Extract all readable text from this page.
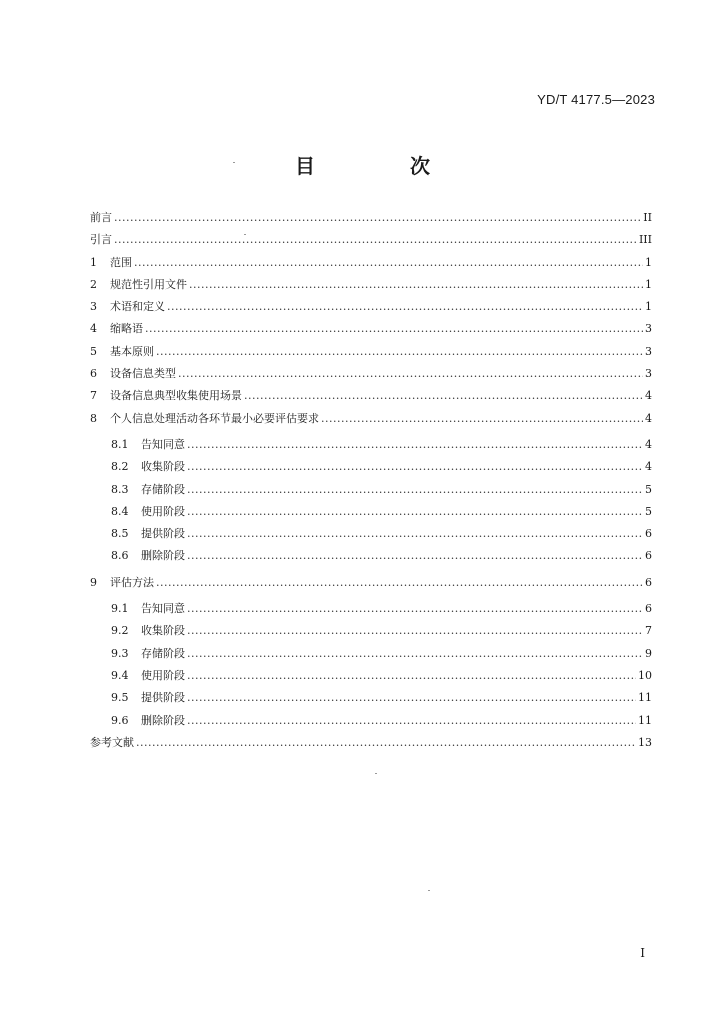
YD/T 4177.5—2023
目 次
前言 .....	II
引言 .....	III
1	范围 .....	1
2	规范性引用文件 .....	1
3	术语和定义 .....	1
4	缩略语 .....	3
5	基本原则 .....	3
6	设备信息类型 .....	3
7	设备信息典型收集使用场景 .....	4
8	个人信息处理活动各环节最小必要评估要求 .....	4
8.1	告知同意 .....	4
8.2	收集阶段 .....	4
8.3	存储阶段 .....	5
8.4	使用阶段 .....	5
8.5	提供阶段 .....	6
8.6	删除阶段 .....	6
9	评估方法 .....	6
9.1	告知同意 .....	6
9.2	收集阶段 .....	7
9.3	存储阶段 .....	9
9.4	使用阶段 .....	10
9.5	提供阶段 .....	11
9.6	删除阶段 .....	11
参考文献 .....	13
I
